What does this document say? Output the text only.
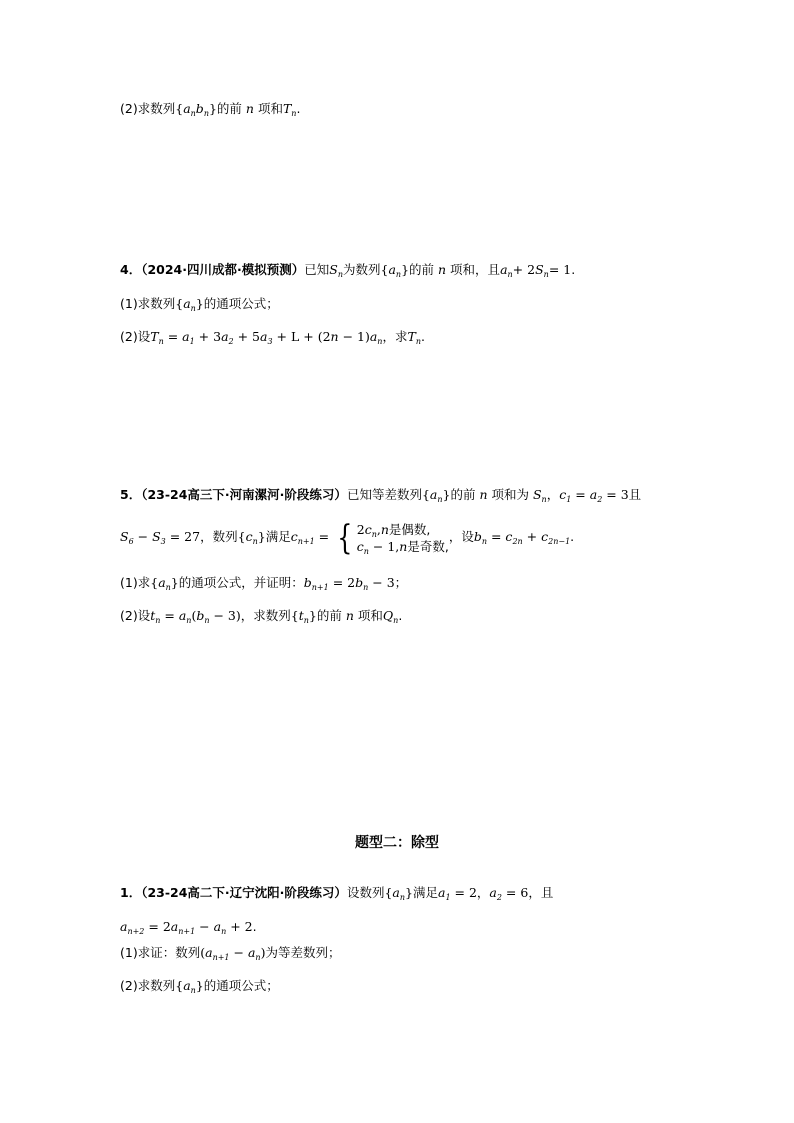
(2)求数列$\{a_nb_n\}$的前 n 项和$T_n$.
4．（2024·四川成都·模拟预测）已知$S_n$为数列$\{a_n\}$的前 n 项和，且$a_n+ 2S_n= 1$.
(1)求数列$\{a_n\}$的通项公式；
(2)设$T_n = a_1 + 3a_2 + 5a_3 + L + (2n - 1)a_n$，求$T_n$.
5．（23-24高三下·河南漯河·阶段练习）已知等差数列$\{a_n\}$的前 n 项和为 $S_n$，$c_1 = a_2 = 3$且
$S_6 - S_3 = 27$，数列$\{c_n\}$满足$c_{n+1}$ = { $2c_n,n$是偶数,
$c_n - 1,n$是奇数,，设$b_n = c_{2n} + c_{2n-1}$.
(1)求$\{a_n\}$的通项公式，并证明：$b_{n+1} = 2b_n - 3$；
(2)设$t_n = a_n(b_n - 3)$，求数列$\{t_n\}$的前 n 项和$Q_n$.
题型二：除型
1．（23-24高二下·辽宁沈阳·阶段练习）设数列$\{a_n\}$满足$a_1 = 2$，$a_2 = 6$，且
$a_{n+2} = 2a_{n+1} - a_n + 2$.
(1)求证：数列$(a_{n+1} - a_n)$为等差数列；
(2)求数列$\{a_n\}$的通项公式；
